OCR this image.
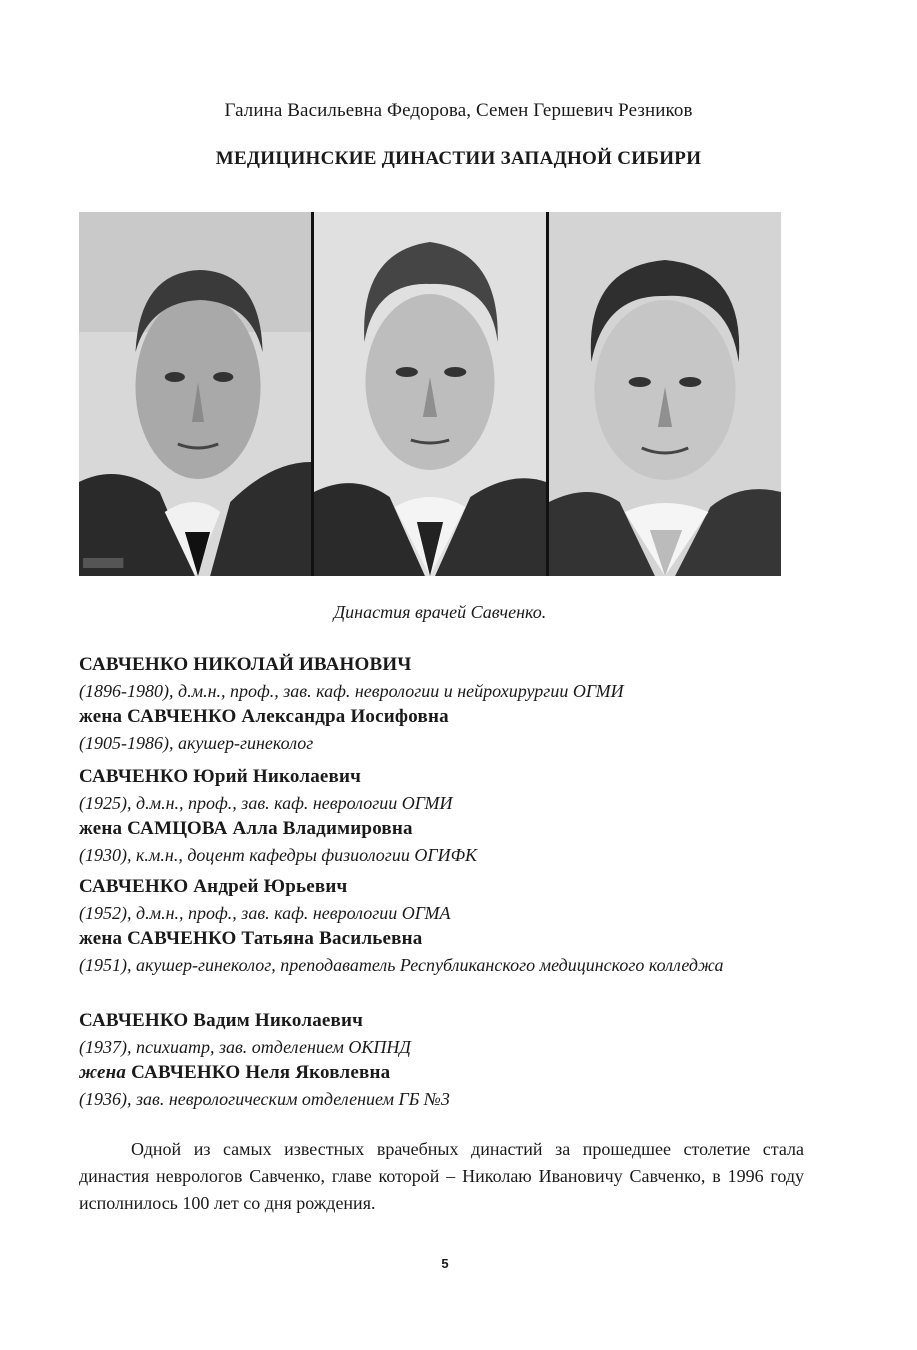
Галина Васильевна Федорова, Семен Гершевич Резников
МЕДИЦИНСКИЕ ДИНАСТИИ ЗАПАДНОЙ СИБИРИ
Династия врачей Савченко.
САВЧЕНКО НИКОЛАЙ ИВАНОВИЧ
(1896-1980), д.м.н., проф., зав. каф. неврологии и нейрохирургии ОГМИ
жена САВЧЕНКО Александра Иосифовна
(1905-1986), акушер-гинеколог
САВЧЕНКО Юрий Николаевич
(1925), д.м.н., проф., зав. каф. неврологии ОГМИ
жена САМЦОВА Алла Владимировна
(1930), к.м.н., доцент кафедры физиологии ОГИФК
САВЧЕНКО Андрей Юрьевич
(1952), д.м.н., проф., зав. каф. неврологии ОГМА
жена САВЧЕНКО Татьяна Васильевна
(1951), акушер-гинеколог, преподаватель Республиканского медицинского колледжа
САВЧЕНКО Вадим Николаевич
(1937), психиатр, зав. отделением ОКПНД
жена САВЧЕНКО Неля Яковлевна
(1936), зав. неврологическим отделением ГБ №3
Одной из самых известных врачебных династий за прошедшее столетие стала династия неврологов Савченко, главе которой – Николаю Ивановичу Савченко, в 1996 году исполнилось 100 лет со дня рождения.
5
